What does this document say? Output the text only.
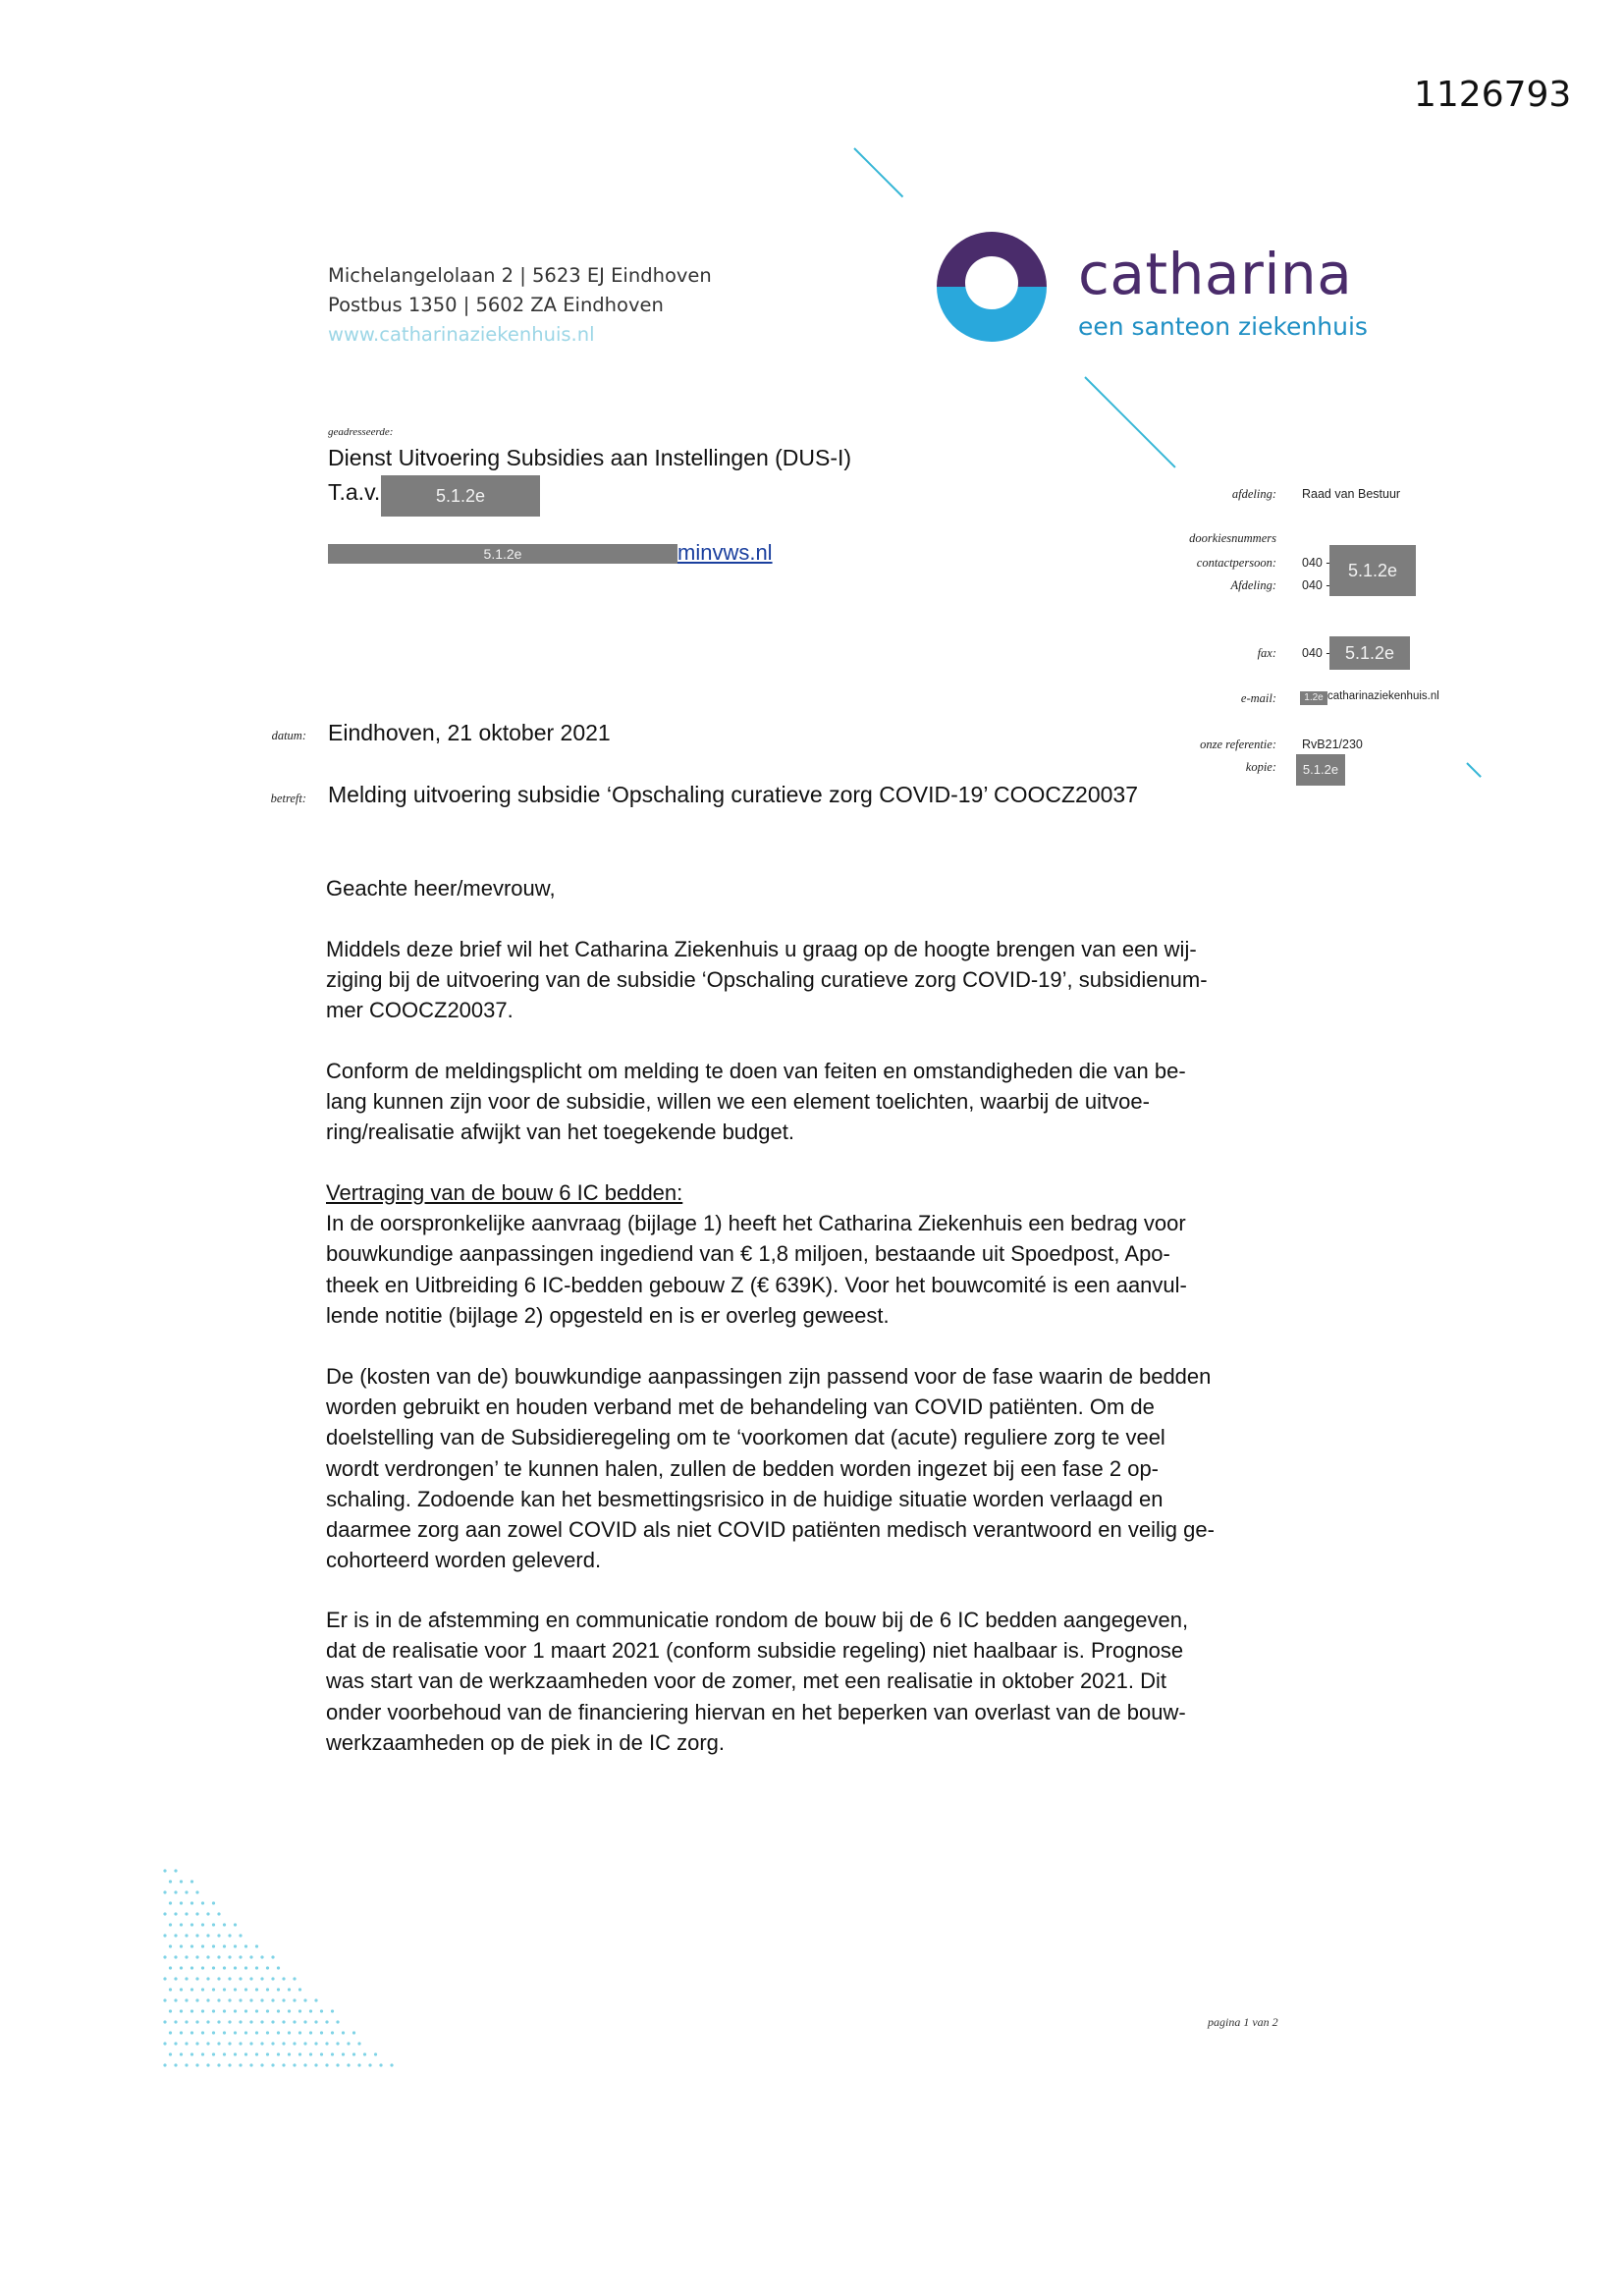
1126793
Michelangelolaan 2 | 5623 EJ Eindhoven
Postbus 1350 | 5602 ZA Eindhoven
www.catharinaziekenhuis.nl
catharina
een santeon ziekenhuis
geadresseerde:
Dienst Uitvoering Subsidies aan Instellingen (DUS-I)
T.a.v.	5.1.2e
5.1.2e	minvws.nl
afdeling: Raad van Bestuur
doorkiesnummers
contactpersoon: 040 -
Afdeling: 040 -
5.1.2e
fax: 040 - 5.1.2e
e-mail:	1.2e catharinaziekenhuis.nl
onze referentie: RvB21/230
kopie:	5.1.2e
datum: Eindhoven, 21 oktober 2021
betreft: Melding uitvoering subsidie ‘Opschaling curatieve zorg COVID-19’ COOCZ20037
Geachte heer/mevrouw,

Middels deze brief wil het Catharina Ziekenhuis u graag op de hoogte brengen van een wij-

ziging bij de uitvoering van de subsidie ‘Opschaling curatieve zorg COVID-19’, subsidienum-

mer COOCZ20037.

Conform de meldingsplicht om melding te doen van feiten en omstandigheden die van be-

lang kunnen zijn voor de subsidie, willen we een element toelichten, waarbij de uitvoe-

ring/realisatie afwijkt van het toegekende budget.

Vertraging van de bouw 6 IC bedden:

In de oorspronkelijke aanvraag (bijlage 1) heeft het Catharina Ziekenhuis een bedrag voor

bouwkundige aanpassingen ingediend van € 1,8 miljoen, bestaande uit Spoedpost, Apo-

theek en Uitbreiding 6 IC-bedden gebouw Z (€ 639K). Voor het bouwcomité is een aanvul-

lende notitie (bijlage 2) opgesteld en is er overleg geweest.

De (kosten van de) bouwkundige aanpassingen zijn passend voor de fase waarin de bedden

worden gebruikt en houden verband met de behandeling van COVID patiënten. Om de

doelstelling van de Subsidieregeling om te ‘voorkomen dat (acute) reguliere zorg te veel

wordt verdrongen’ te kunnen halen, zullen de bedden worden ingezet bij een fase 2 op-

schaling. Zodoende kan het besmettingsrisico in de huidige situatie worden verlaagd en

daarmee zorg aan zowel COVID als niet COVID patiënten medisch verantwoord en veilig ge-

cohorteerd worden geleverd.

Er is in de afstemming en communicatie rondom de bouw bij de 6 IC bedden aangegeven,

dat de realisatie voor 1 maart 2021 (conform subsidie regeling) niet haalbaar is. Prognose

was start van de werkzaamheden voor de zomer, met een realisatie in oktober 2021. Dit

onder voorbehoud van de financiering hiervan en het beperken van overlast van de bouw-

werkzaamheden op de piek in de IC zorg.

pagina 1 van 2
